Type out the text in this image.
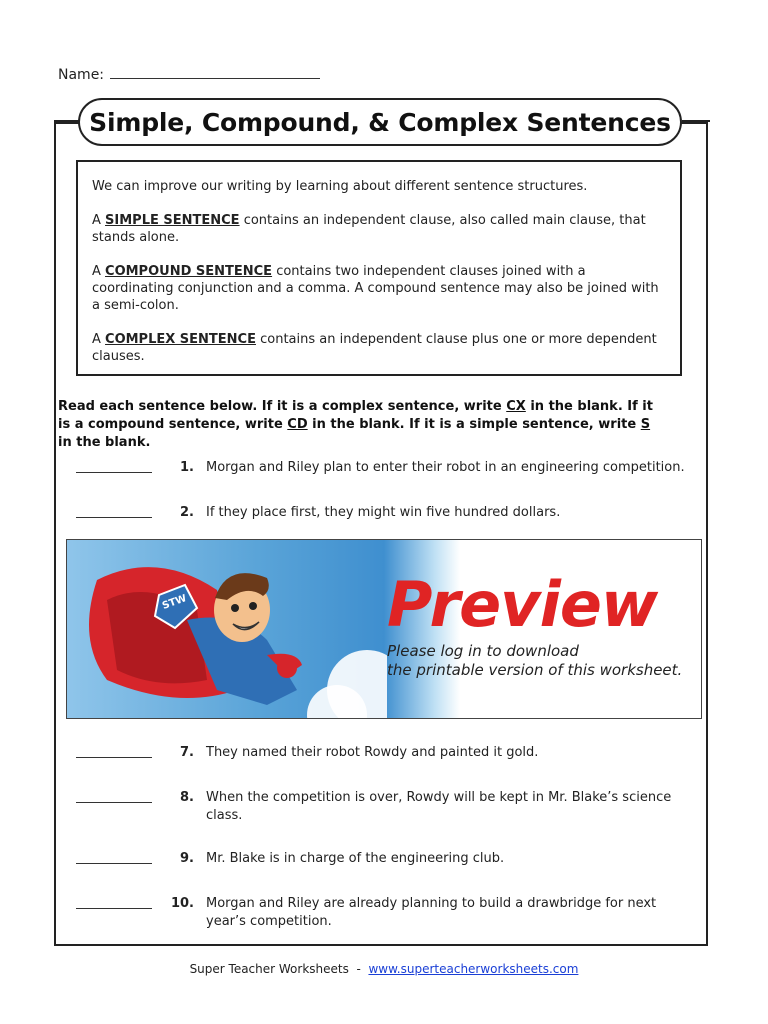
Name:
Simple, Compound, & Complex Sentences

We can improve our writing by learning about different sentence structures.

A SIMPLE SENTENCE contains an independent clause, also called main clause, that stands alone.

A COMPOUND SENTENCE contains two independent clauses joined with a coordinating conjunction and a comma. A compound sentence may also be joined with a semi-colon.

A COMPLEX SENTENCE contains an independent clause plus one or more dependent clauses.

Read each sentence below. If it is a complex sentence, write CX in the blank. If it is a compound sentence, write CD in the blank. If it is a simple sentence, write S in the blank.
1. Morgan and Riley plan to enter their robot in an engineering competition.
2. If they place first, they might win five hundred dollars.
STW	Preview
Please log in to download
the printable version of this worksheet.
7. They named their robot Rowdy and painted it gold.
8. When the competition is over, Rowdy will be kept in Mr. Blake’s science class.
9. Mr. Blake is in charge of the engineering club.
10. Morgan and Riley are already planning to build a drawbridge for next year’s competition.
Super Teacher Worksheets  -  www.superteacherworksheets.com
